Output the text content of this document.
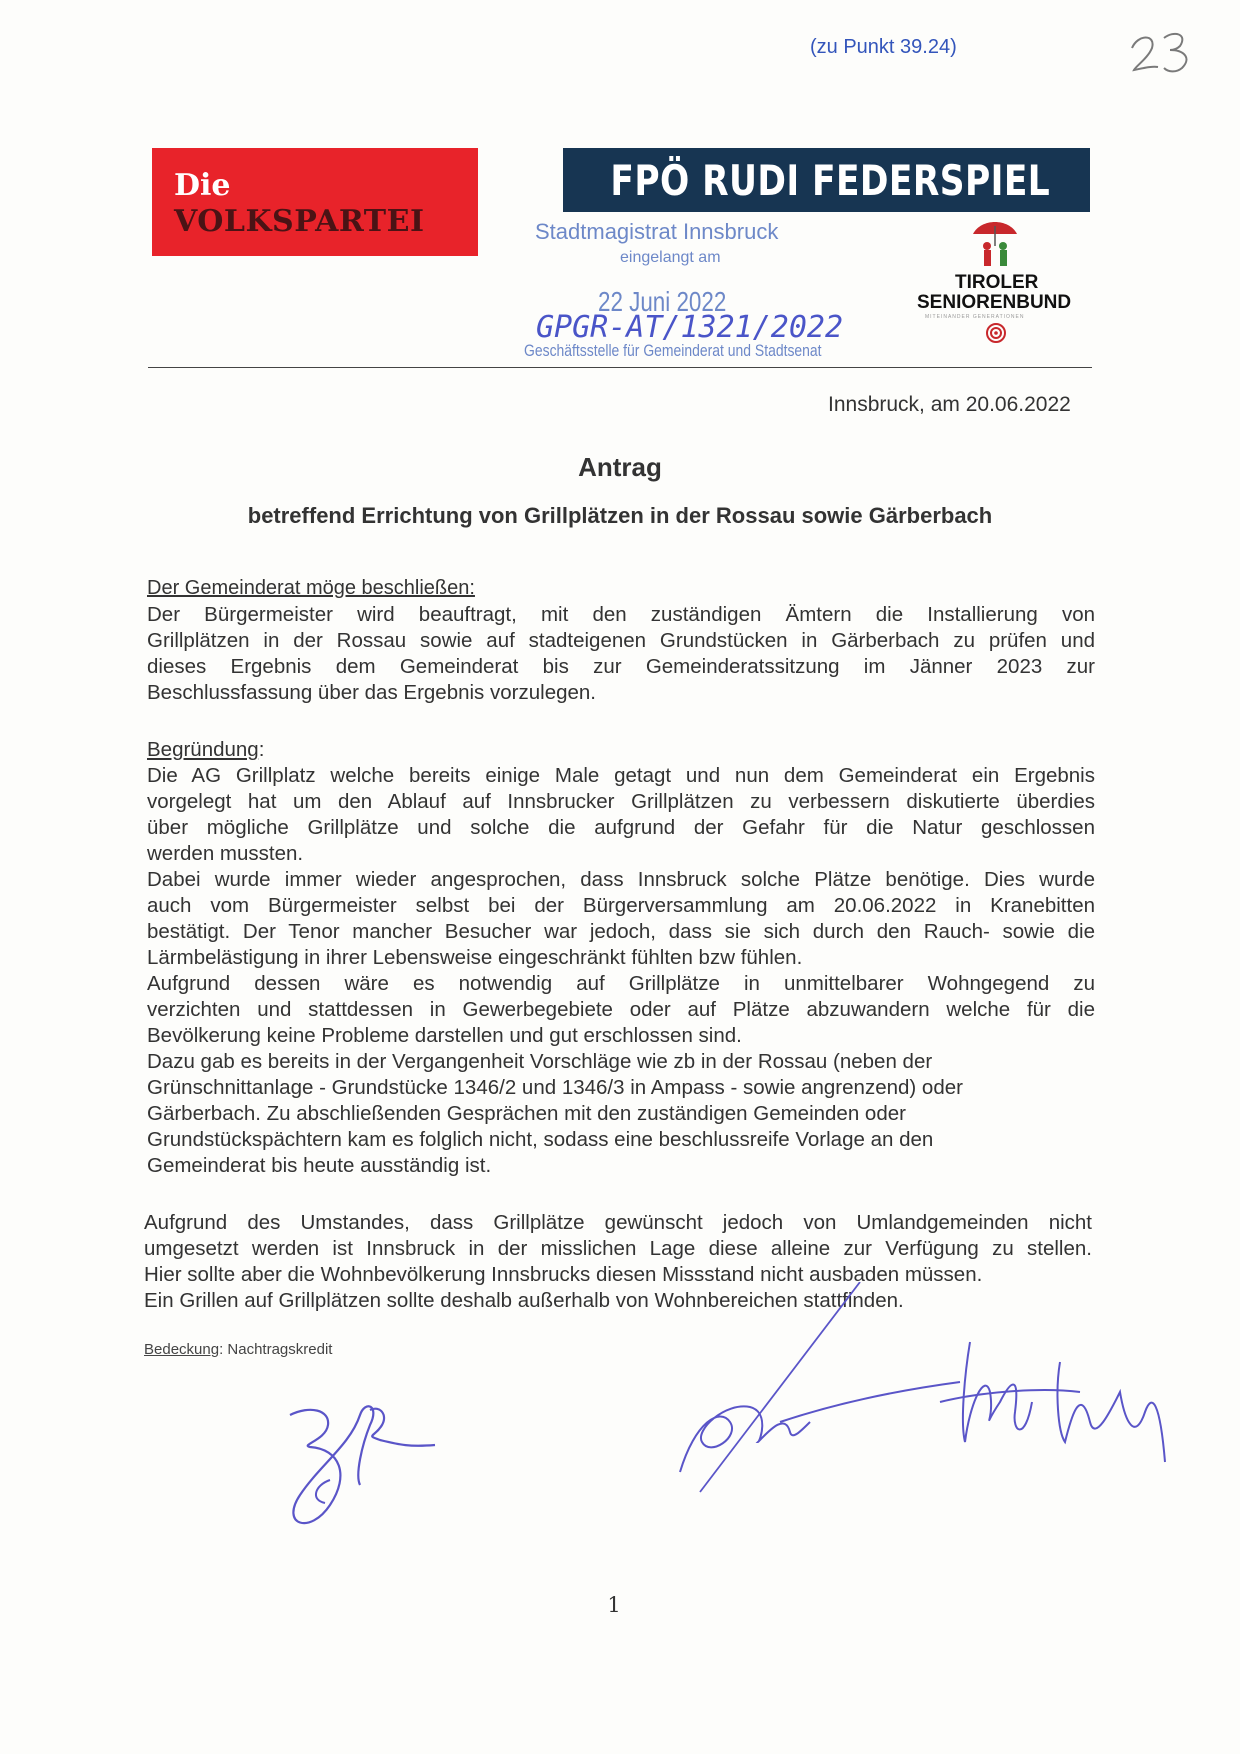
(zu Punkt 39.24)
Die
VOLKSPARTEI
FPÖ RUDI FEDERSPIEL
Stadtmagistrat Innsbruck
eingelangt am
22 Juni 2022
GPGR-AT/1321/2022
Geschäftsstelle für Gemeinderat und Stadtsenat
TIROLER
SENIORENBUND
MITEINANDER GENERATIONEN
Innsbruck, am 20.06.2022
Antrag
betreffend Errichtung von Grillplätzen in der Rossau sowie Gärberbach
Der Gemeinderat möge beschließen:
Der Bürgermeister wird beauftragt, mit den zuständigen Ämtern die Installierung von
Grillplätzen in der Rossau sowie auf stadteigenen Grundstücken in Gärberbach zu prüfen und
dieses Ergebnis dem Gemeinderat bis zur Gemeinderatssitzung im Jänner 2023 zur
Beschlussfassung über das Ergebnis vorzulegen.
Begründung:
Die AG Grillplatz welche bereits einige Male getagt und nun dem Gemeinderat ein Ergebnis
vorgelegt hat um den Ablauf auf Innsbrucker Grillplätzen zu verbessern diskutierte überdies
über mögliche Grillplätze und solche die aufgrund der Gefahr für die Natur geschlossen
werden mussten.
Dabei wurde immer wieder angesprochen, dass Innsbruck solche Plätze benötige. Dies wurde
auch vom Bürgermeister selbst bei der Bürgerversammlung am 20.06.2022 in Kranebitten
bestätigt. Der Tenor mancher Besucher war jedoch, dass sie sich durch den Rauch- sowie die
Lärmbelästigung in ihrer Lebensweise eingeschränkt fühlten bzw fühlen.
Aufgrund dessen wäre es notwendig auf Grillplätze in unmittelbarer Wohngegend zu
verzichten und stattdessen in Gewerbegebiete oder auf Plätze abzuwandern welche für die
Bevölkerung keine Probleme darstellen und gut erschlossen sind.
Dazu gab es bereits in der Vergangenheit Vorschläge wie zb in der Rossau (neben der
Grünschnittanlage - Grundstücke 1346/2 und 1346/3 in Ampass - sowie angrenzend) oder
Gärberbach. Zu abschließenden Gesprächen mit den zuständigen Gemeinden oder
Grundstückspächtern kam es folglich nicht, sodass eine beschlussreife Vorlage an den
Gemeinderat bis heute ausständig ist.
Aufgrund des Umstandes, dass Grillplätze gewünscht jedoch von Umlandgemeinden nicht
umgesetzt werden ist Innsbruck in der misslichen Lage diese alleine zur Verfügung zu stellen.
Hier sollte aber die Wohnbevölkerung Innsbrucks diesen Missstand nicht ausbaden müssen.
Ein Grillen auf Grillplätzen sollte deshalb außerhalb von Wohnbereichen stattfinden.
Bedeckung: Nachtragskredit
1
